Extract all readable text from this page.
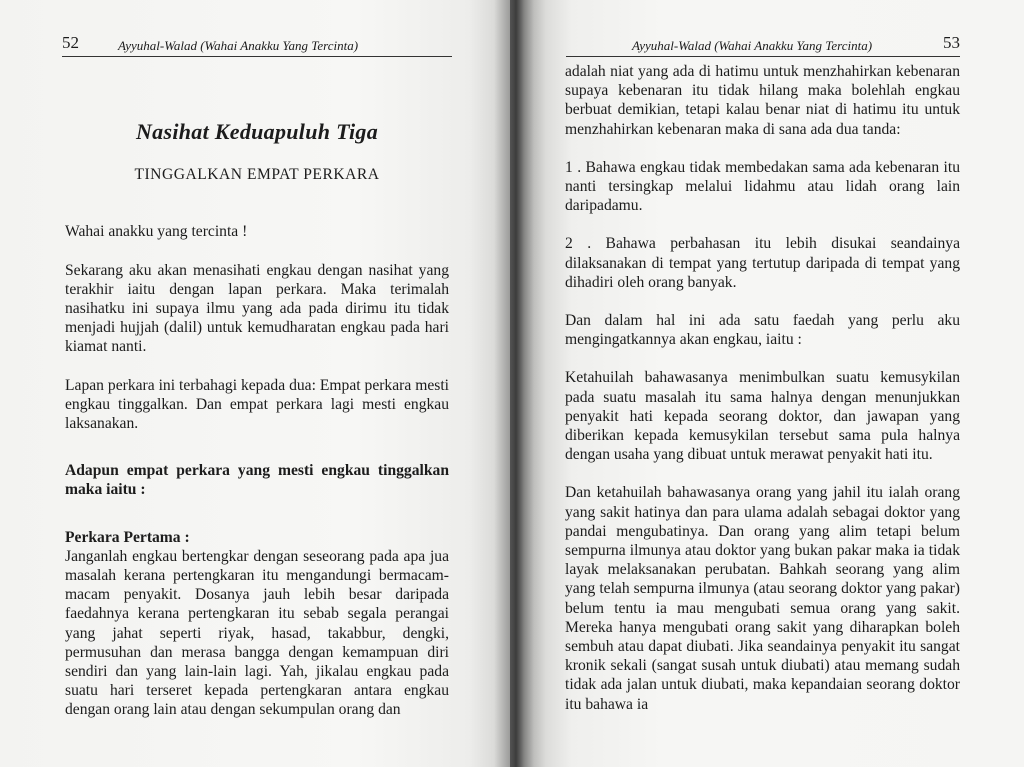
52	Ayyuhal-Walad (Wahai Anakku Yang Tercinta)
Nasihat Keduapuluh Tiga
TINGGALKAN EMPAT PERKARA

Wahai anakku yang tercinta !

Sekarang aku akan menasihati engkau dengan nasihat yang terakhir iaitu dengan lapan perkara. Maka terimalah nasihatku ini supaya ilmu yang ada pada dirimu itu tidak menjadi hujjah (dalil) untuk kemudharatan engkau pada hari kiamat nanti.

Lapan perkara ini terbahagi kepada dua: Empat perkara mesti engkau tinggalkan. Dan empat perkara lagi mesti engkau laksanakan.

Adapun empat perkara yang mesti engkau tinggalkan maka iaitu :

Perkara Pertama :

Janganlah engkau bertengkar dengan seseorang pada apa jua masalah kerana pertengkaran itu mengandungi bermacam-macam penyakit. Dosanya jauh lebih besar daripada faedahnya kerana pertengkaran itu sebab segala perangai yang jahat seperti riyak, hasad, takabbur, dengki, permusuhan dan merasa bangga dengan kemampuan diri sendiri dan yang lain-lain lagi. Yah, jikalau engkau pada suatu hari terseret kepada pertengkaran antara engkau dengan orang lain atau dengan sekumpulan orang dan

Ayyuhal-Walad (Wahai Anakku Yang Tercinta)	53

adalah niat yang ada di hatimu untuk menzhahirkan kebenaran supaya kebenaran itu tidak hilang maka bolehlah engkau berbuat demikian, tetapi kalau benar niat di hatimu itu untuk menzhahirkan kebenaran maka di sana ada dua tanda:

1 . Bahawa engkau tidak membedakan sama ada kebenaran itu nanti tersingkap melalui lidahmu atau lidah orang lain daripadamu.

2 . Bahawa perbahasan itu lebih disukai seandainya dilaksanakan di tempat yang tertutup daripada di tempat yang dihadiri oleh orang banyak.

Dan dalam hal ini ada satu faedah yang perlu aku mengingatkannya akan engkau, iaitu :

Ketahuilah bahawasanya menimbulkan suatu kemusykilan pada suatu masalah itu sama halnya dengan menunjukkan penyakit hati kepada seorang doktor, dan jawapan yang diberikan kepada kemusykilan tersebut sama pula halnya dengan usaha yang dibuat untuk merawat penyakit hati itu.

Dan ketahuilah bahawasanya orang yang jahil itu ialah orang yang sakit hatinya dan para ulama adalah sebagai doktor yang pandai mengubatinya. Dan orang yang alim tetapi belum sempurna ilmunya atau doktor yang bukan pakar maka ia tidak layak melaksanakan perubatan. Bahkah seorang yang alim yang telah sempurna ilmunya (atau seorang doktor yang pakar) belum tentu ia mau mengubati semua orang yang sakit. Mereka hanya mengubati orang sakit yang diharapkan boleh sembuh atau dapat diubati. Jika seandainya penyakit itu sangat kronik sekali (sangat susah untuk diubati) atau memang sudah tidak ada jalan untuk diubati, maka kepandaian seorang doktor itu bahawa ia
